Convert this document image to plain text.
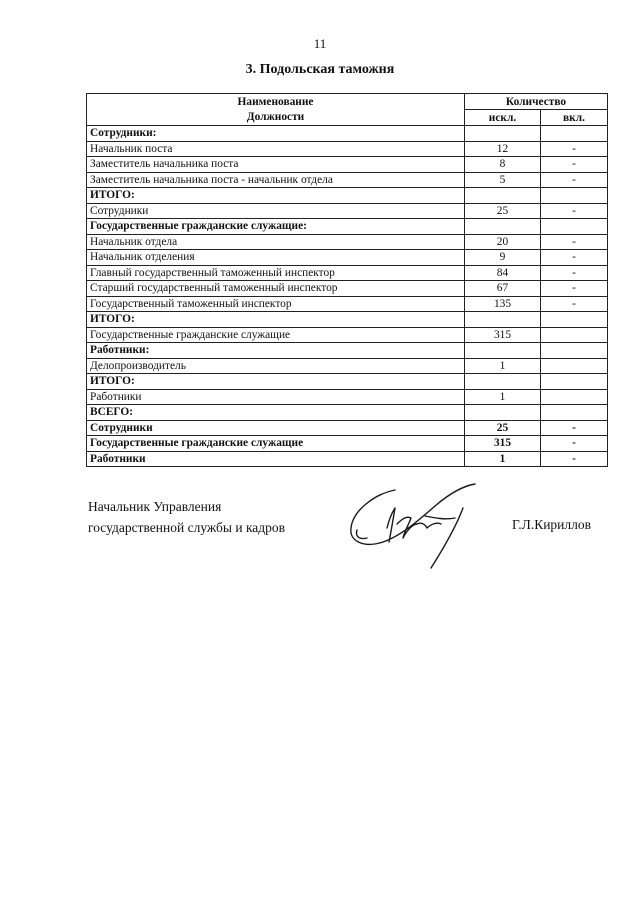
11
3. Подольская таможня
Наименование	Количество	
Должности	искл.	вкл.
Сотрудники:		
Начальник поста	12	-
Заместитель начальника поста	8	-
Заместитель начальника поста - начальник отдела	5	-
ИТОГО:		
Сотрудники	25	-
Государственные гражданские служащие:		
Начальник отдела	20	-
Начальник отделения	9	-
Главный государственный таможенный инспектор	84	-
Старший государственный таможенный инспектор	67	-
Государственный таможенный инспектор	135	-
ИТОГО:		
Государственные гражданские служащие	315	
Работники:		
Делопроизводитель	1	
ИТОГО:		
Работники	1	
ВСЕГО:		
Сотрудники	25	-
Государственные гражданские служащие	315	-
Работники	1	-
Начальник Управления
государственной службы и кадров	Г.Л.Кириллов
